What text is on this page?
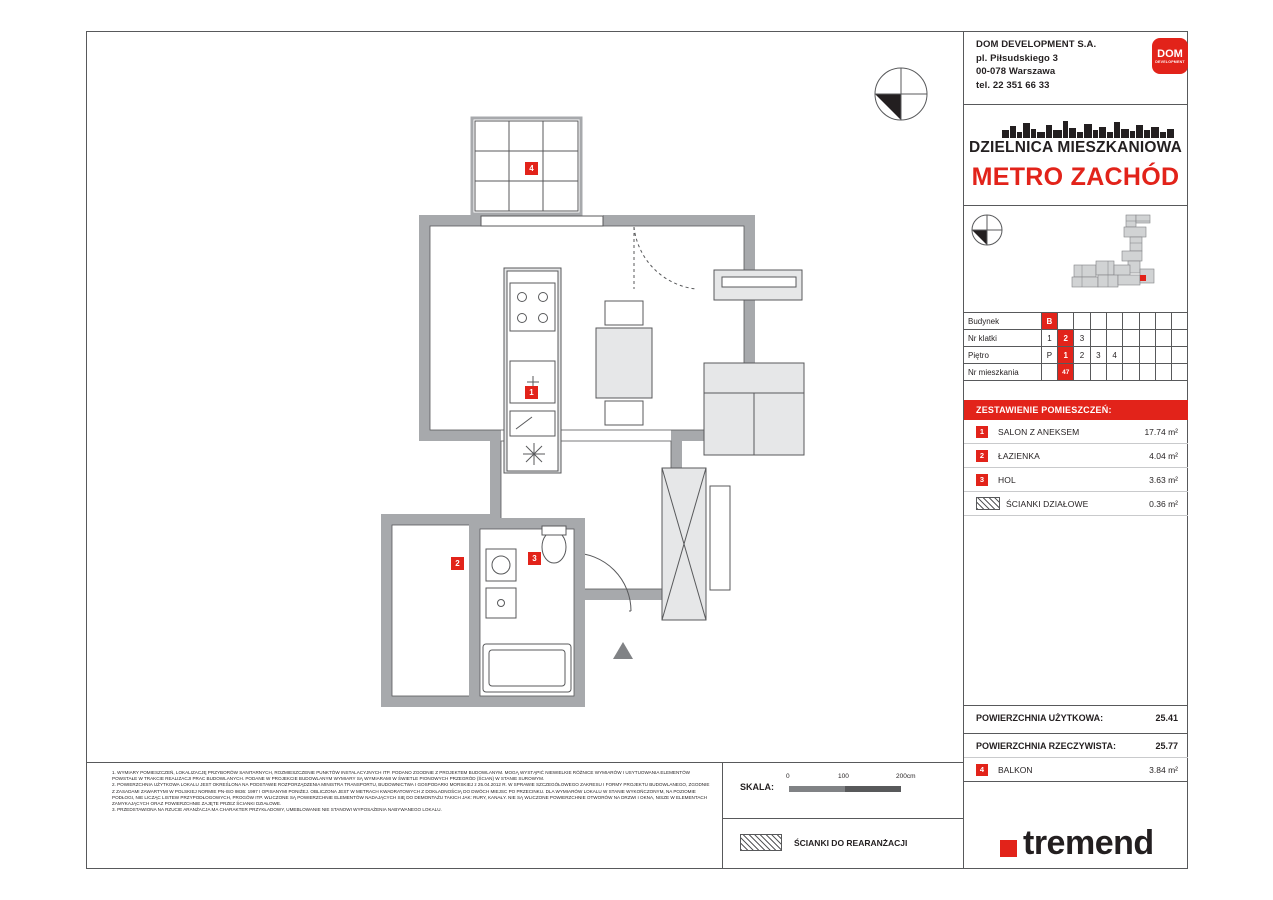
1
2
3
4
DOM DEVELOPMENT S.A.
pl. Piłsudskiego 3
00-078 Warszawa
tel. 22 351 66 33
DOM
DEVELOPMENT
DZIELNICA MIESZKANIOWA
METRO ZACHÓD
Budynek	B								
Nr klatki	1	2	3						
Piętro	P	1	2	3	4				
Nr mieszkania		47							
ZESTAWIENIE POMIESZCZEŃ:
1	SALON Z ANEKSEM	17.74 m²
2	ŁAZIENKA	4.04 m²
3	HOL	3.63 m²
ŚCIANKI DZIAŁOWE	0.36 m²
POWIERZCHNIA UŻYTKOWA:	25.41
POWIERZCHNIA RZECZYWISTA:	25.77
4	BALKON	3.84 m²
tremend
1. WYMIARY POMIESZCZEŃ, LOKALIZACJĘ PRZYBORÓW SANITARNYCH, ROZMIESZCZENIE PUNKTÓW INSTALACYJNYCH ITP. PODANO ZGODNIE Z PROJEKTEM BUDOWLANYM. MOGĄ WYSTĄPIĆ NIEWIELKIE RÓŻNICE WYMIARÓW I USYTUOWANIA ELEMENTÓW POWSTAŁE W TRAKCIE REALIZACJI PRAC BUDOWLANYCH. PODANE W PROJEKCIE BUDOWLANYM WYMIARY SĄ WYMIARAMI W ŚWIETLE PIONOWYCH PRZEGRÓD (ŚCIAN) W STANIE SUROWYM.
2. POWIERZCHNIA UŻYTKOWA LOKALU JEST OKREŚLONA NA PODSTAWIE ROZPORZĄDZENIA MINISTRA TRANSPORTU, BUDOWNICTWA I GOSPODARKI MORSKIEJ z 25.04.2012 R. W SPRAWIE SZCZEGÓŁOWEGO ZAKRESU I FORMY PROJEKTU BUDOWLANEGO, ZGODNIE Z ZASADAMI ZAWARTYMI W POLSKIEJ NORMIE PN-ISO 9836: 1997 I OPISANYMI PONIŻEJ. OBLICZONA JEST W METRACH KWADRATOWYCH Z DOKŁADNOŚCIĄ DO DWÓCH MIEJSC PO PRZECINKU. DLA WYMIARÓW LOKALU W STANIE WYKOŃCZONYM, NA POZIOMIE PODŁOGI, NIE LICZĄC LISTEW PRZYPODŁOGOWYCH, PROGÓW ITP. WLICZONE SĄ POWIERZCHNIE ELEMENTÓW NADAJĄCYCH SIĘ DO DEMONTAŻU TAKICH JAK: RURY, KANAŁY. NIE SĄ WLICZONE POWIERZCHNIE OTWORÓW NA DRZWI I OKNA, NISZE W ELEMENTACH ZAMYKAJĄCYCH ORAZ POWIERZCHNIE ZAJĘTE PRZEZ ŚCIANKI DZIAŁOWE.
3. PRZEDSTAWIONA NA RZUCIE ARANŻACJA MA CHARAKTER PRZYKŁADOWY, UMEBLOWANIE NIE STANOWI WYPOSAŻENIA NABYWANEGO LOKALU.
SKALA:
0	100	200cm
ŚCIANKI DO REARANŻACJI
